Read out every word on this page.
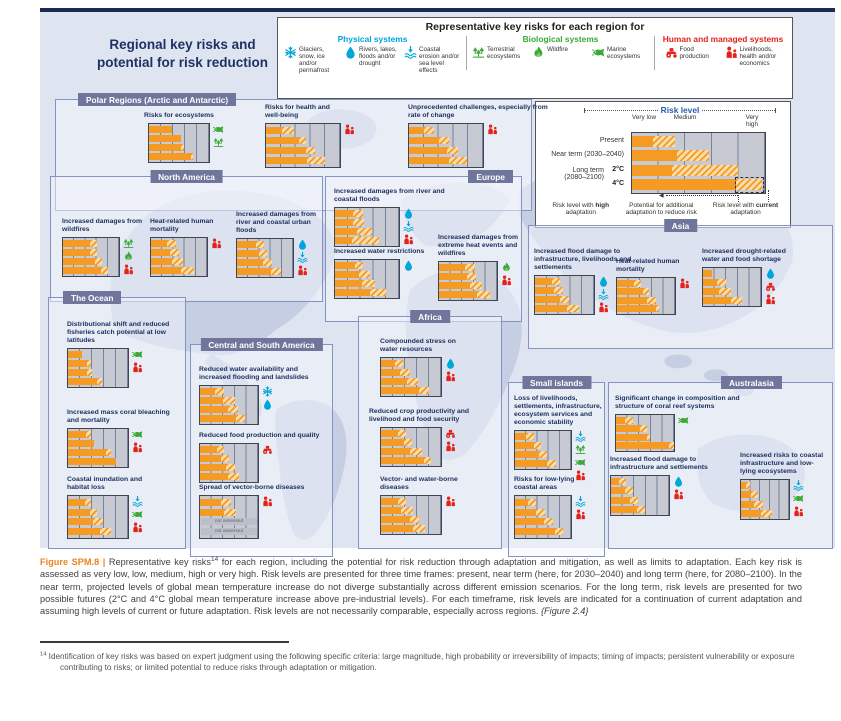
Regional key risks and
potential for risk reduction
Representative key risks for each region for
Physical systems
Glaciers, snow, ice and/or permafrost
Rivers, lakes, floods and/or drought
Coastal erosion and/or sea level effects
Biological systems
Terrestrial ecosystems
Wildfire	Marine ecosystems
Human and managed systems
Food production
Livelihoods, health and/or economics
Risk level
Very low	Medium	Very high
Present
Near term (2030–2040)
Long term
(2080–2100)
2°C
4°C
◀
Risk level with high adaptation
Potential for additional adaptation to reduce risk
Risk level with current adaptation
Polar Regions (Arctic and Antarctic)
Risks for ecosystems
Risks for health and well-being
Unprecedented challenges, especially from rate of change
North America
Increased damages from wildfires
Heat-related human mortality
Increased damages from river and coastal urban floods
Europe
Increased damages from river and coastal floods
Increased water restrictions
Increased damages from extreme heat events and wildfires
Asia
Increased flood damage to infrastructure, livelihoods and settlements
Heat-related human mortality
Increased drought-related water and food shortage
The Ocean
Distributional shift and reduced fisheries catch potential at low latitudes
Increased mass coral bleaching and mortality
Coastal inundation and habitat loss
Central and South America
Reduced water availability and increased flooding and landslides
Reduced food production and quality
Spread of vector-borne diseases
not assessed
not assessed
Africa
Compounded stress on water resources
Reduced crop productivity and livelihood and food security
Vector- and water-borne diseases
Small islands
Loss of livelihoods, settlements, infrastructure, ecosystem services and economic stability
Risks for low-lying coastal areas
Australasia
Significant change in composition and structure of coral reef systems
Increased flood damage to infrastructure and settlements
Increased risks to coastal infrastructure and low-lying ecosystems

Figure SPM.8 | Representative key risks$^{14}$ for each region, including the potential for risk reduction through adaptation and mitigation, as well as limits to adaptation. Each key risk is assessed as very low, low, medium, high or very high. Risk levels are presented for three time frames: present, near term (here, for 2030–2040) and long term (here, for 2080–2100). In the near term, projected levels of global mean temperature increase do not diverge substantially across different emission scenarios. For the long term, risk levels are presented for two possible futures (2°C and 4°C global mean temperature increase above pre-industrial levels). For each timeframe, risk levels are indicated for a continuation of current adaptation and assuming high levels of current or future adaptation. Risk levels are not necessarily comparable, especially across regions. {Figure 2.4}

$^{14}$ Identification of key risks was based on expert judgment using the following specific criteria: large magnitude, high probability or irreversibility of impacts; timing of impacts; persistent vulnerability or exposure contributing to risks; or limited potential to reduce risks through adaptation or mitigation.
